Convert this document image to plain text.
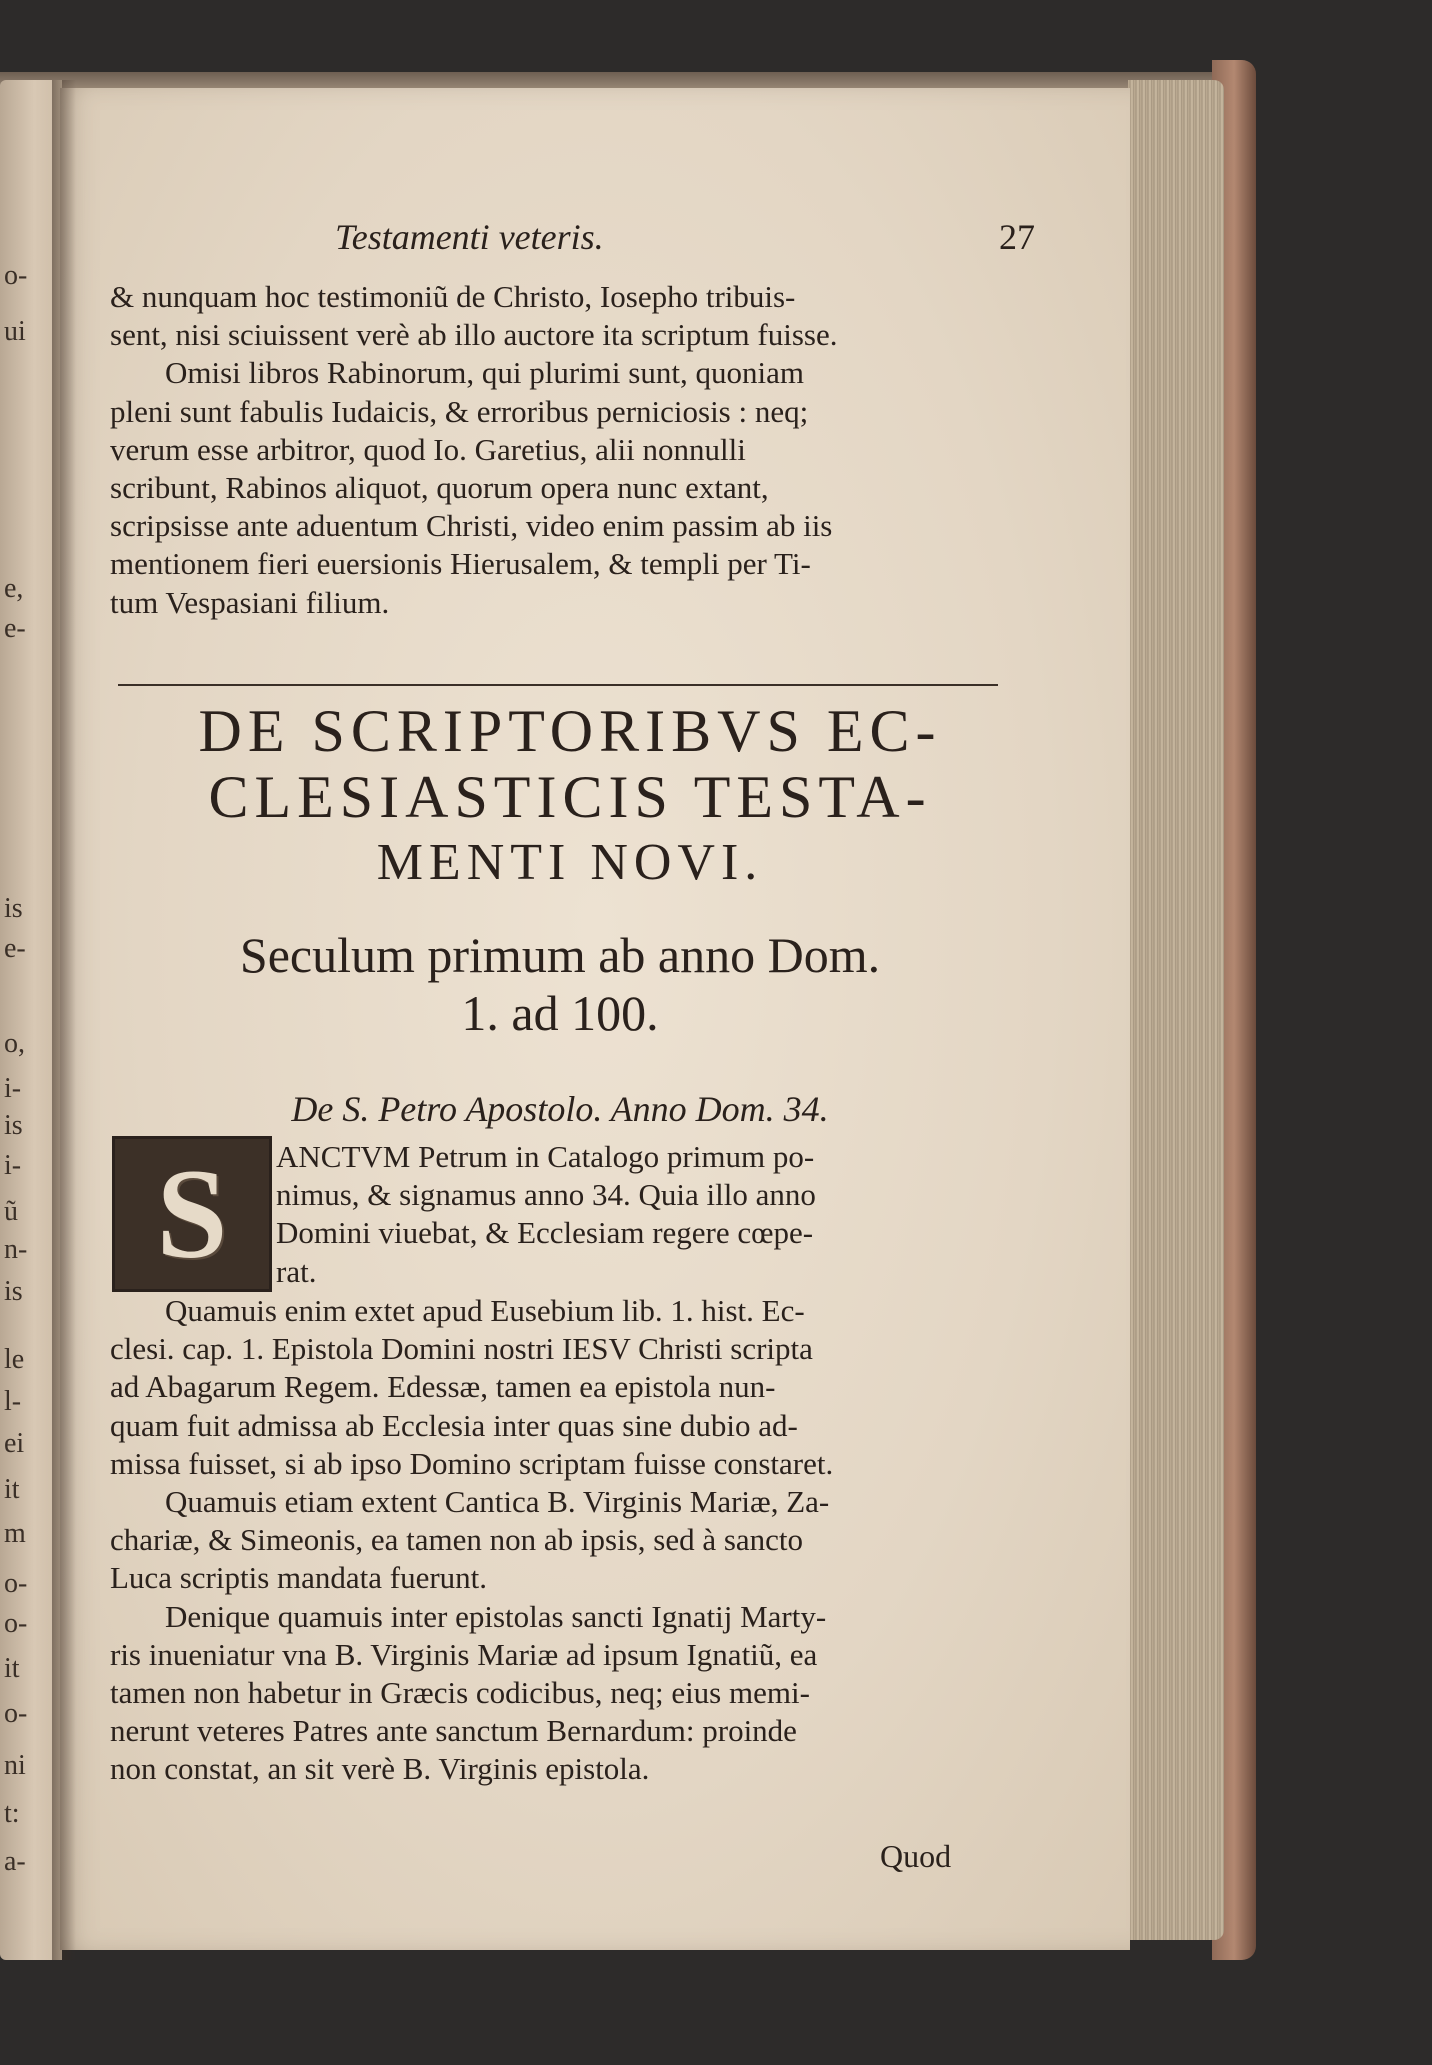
o-
ui
e,
e-
is
e-
o,
i-
is
i-
ũ
n-
is
le
l-
ei
it
m
o-
o-
it
o-
ni
t:
a-
Testamenti veteris.	27
& nunquam hoc testimoniũ de Christo, Iosepho tribuis-
sent, nisi sciuissent verè ab illo auctore ita scriptum fuisse.
Omisi libros Rabinorum, qui plurimi sunt, quoniam
pleni sunt fabulis Iudaicis, & erroribus perniciosis : neq;
verum esse arbitror, quod Io. Garetius, alii nonnulli
scribunt, Rabinos aliquot, quorum opera nunc extant,
scripsisse ante aduentum Christi, video enim passim ab iis
mentionem fieri euersionis Hierusalem, & templi per Ti-
tum Vespasiani filium.
DE SCRIPTORIBVS EC-
CLESIASTICIS TESTA-
MENTI NOVI.
Seculum primum ab anno Dom.
1. ad 100.
De S. Petro Apostolo. Anno Dom. 34.
S ANCTVM Petrum in Catalogo primum po-
nimus, & signamus anno 34. Quia illo anno
Domini viuebat, & Ecclesiam regere cœpe-
rat.
Quamuis enim extet apud Eusebium lib. 1. hist. Ec-
clesi. cap. 1. Epistola Domini nostri IESV Christi scripta
ad Abagarum Regem. Edessæ, tamen ea epistola nun-
quam fuit admissa ab Ecclesia inter quas sine dubio ad-
missa fuisset, si ab ipso Domino scriptam fuisse constaret.
Quamuis etiam extent Cantica B. Virginis Mariæ, Za-
chariæ, & Simeonis, ea tamen non ab ipsis, sed à sancto
Luca scriptis mandata fuerunt.
Denique quamuis inter epistolas sancti Ignatij Marty-
ris inueniatur vna B. Virginis Mariæ ad ipsum Ignatiũ, ea
tamen non habetur in Græcis codicibus, neq; eius memi-
nerunt veteres Patres ante sanctum Bernardum: proinde
non constat, an sit verè B. Virginis epistola.
Quod
